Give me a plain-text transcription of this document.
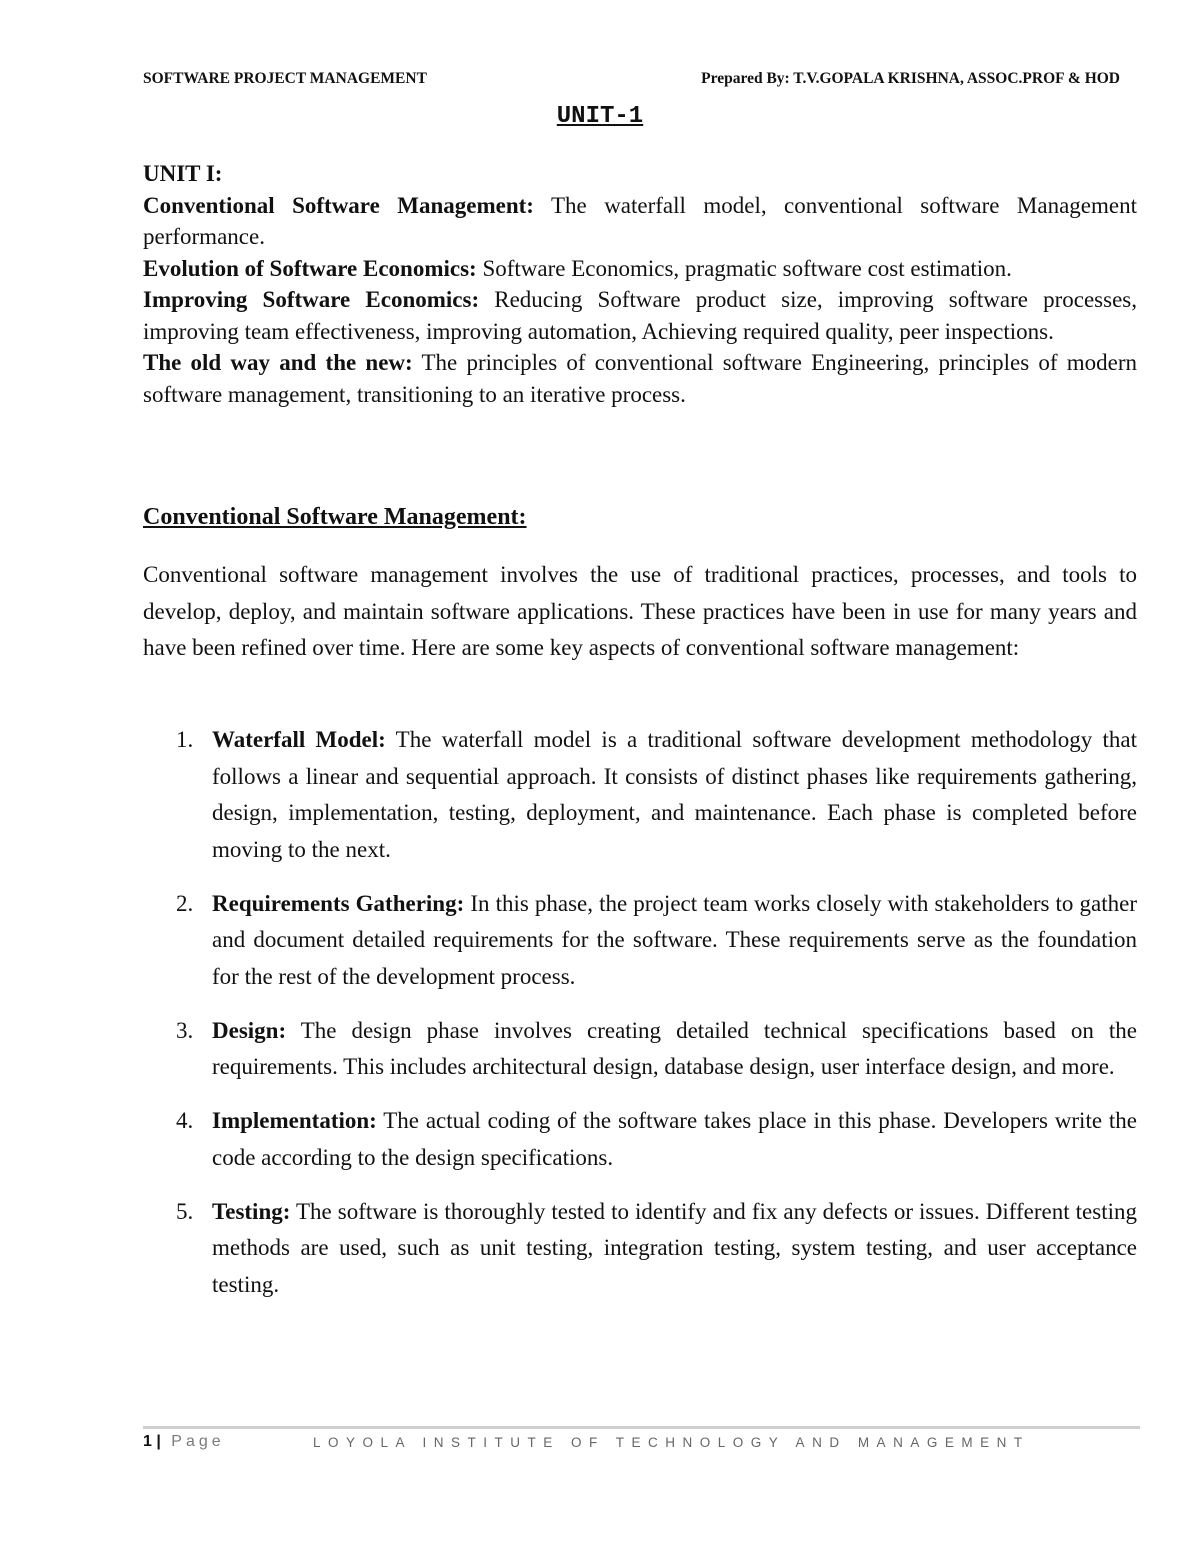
SOFTWARE PROJECT MANAGEMENT	Prepared By: T.V.GOPALA KRISHNA, ASSOC.PROF & HOD
UNIT-1

UNIT I:

Conventional Software Management: The waterfall model, conventional software Management performance.

Evolution of Software Economics: Software Economics, pragmatic software cost estimation.

Improving Software Economics: Reducing Software product size, improving software processes, improving team effectiveness, improving automation, Achieving required quality, peer inspections.

The old way and the new: The principles of conventional software Engineering, principles of modern software management, transitioning to an iterative process.

Conventional Software Management:

Conventional software management involves the use of traditional practices, processes, and tools to develop, deploy, and maintain software applications. These practices have been in use for many years and have been refined over time. Here are some key aspects of conventional software management:

1. Waterfall Model: The waterfall model is a traditional software development methodology that follows a linear and sequential approach. It consists of distinct phases like requirements gathering, design, implementation, testing, deployment, and maintenance. Each phase is completed before moving to the next.
2. Requirements Gathering: In this phase, the project team works closely with stakeholders to gather and document detailed requirements for the software. These requirements serve as the foundation for the rest of the development process.
3. Design: The design phase involves creating detailed technical specifications based on the requirements. This includes architectural design, database design, user interface design, and more.
4. Implementation: The actual coding of the software takes place in this phase. Developers write the code according to the design specifications.
5. Testing: The software is thoroughly tested to identify and fix any defects or issues. Different testing methods are used, such as unit testing, integration testing, system testing, and user acceptance testing.
1 | Page	LOYOLA INSTITUTE OF TECHNOLOGY AND MANAGEMENT
